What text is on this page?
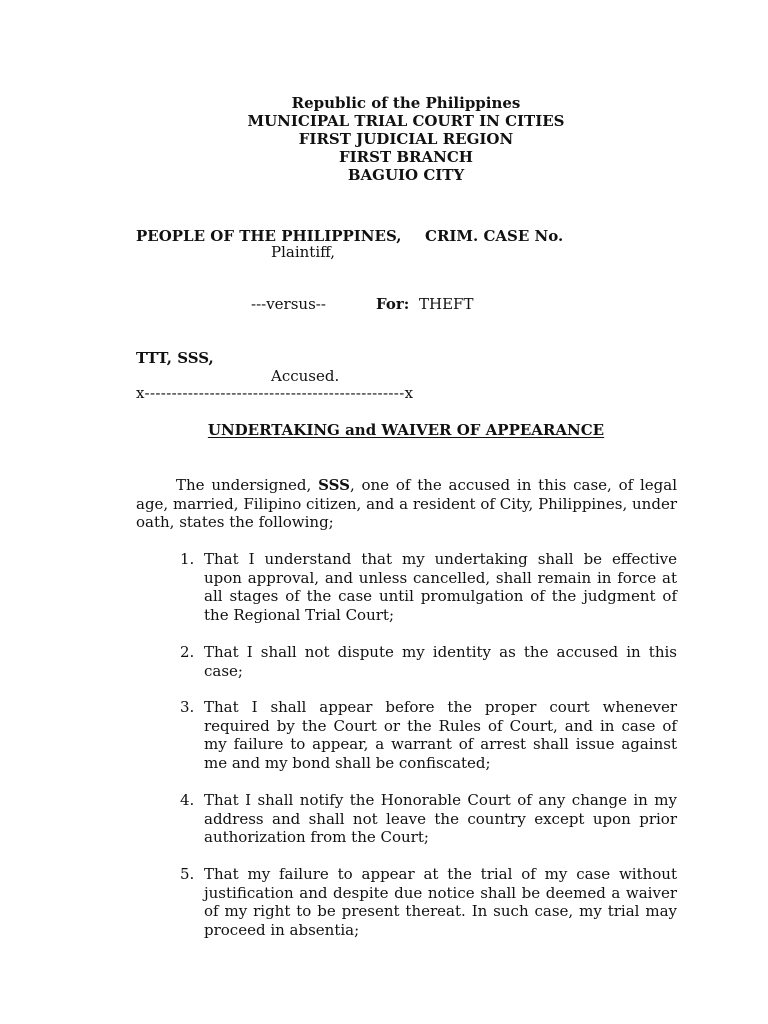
Republic of the Philippines
MUNICIPAL TRIAL COURT IN CITIES
FIRST JUDICIAL REGION
FIRST BRANCH
BAGUIO CITY
PEOPLE OF THE PHILIPPINES, CRIM. CASE No.
Plaintiff,
---versus--	For: THEFT
TTT, SSS,
Accused.
x------------------------------------------------x
UNDERTAKING and WAIVER OF APPEARANCE
The undersigned, SSS, one of the accused in this case, of legal age, married, Filipino citizen, and a resident of City, Philippines, under oath, states the following;
1. That I understand that my undertaking shall be effective upon approval, and unless cancelled, shall remain in force at all stages of the case until promulgation of the judgment of the Regional Trial Court;
2. That I shall not dispute my identity as the accused in this case;
3. That I shall appear before the proper court whenever required by the Court or the Rules of Court, and in case of my failure to appear, a warrant of arrest shall issue against me and my bond shall be confiscated;
4. That I shall notify the Honorable Court of any change in my address and shall not leave the country except upon prior authorization from the Court;
5. That my failure to appear at the trial of my case without justification and despite due notice shall be deemed a waiver of my right to be present thereat. In such case, my trial may proceed in absentia;
